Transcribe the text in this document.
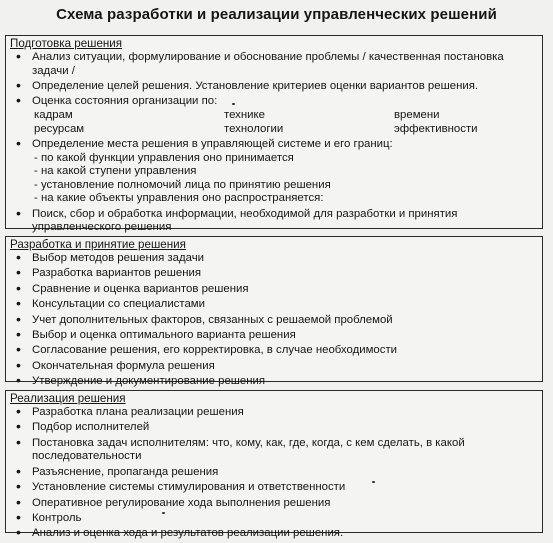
Схема разработки и реализации управленческих решений
Подготовка решения
• Анализ ситуации, формулирование и обоснование проблемы / качественная постановка задачи /
• Определение целей решения. Установление критериев оценки вариантов решения.
• Оценка состояния организации по:
кадрам	технике	времени
ресурсам	технологии	эффективности
• Определение места решения в управляющей системе и его границ:
- по какой функции управления оно принимается
- на какой ступени управления
- установление полномочий лица по принятию решения
- на какие объекты управления оно распространяется:
• Поиск, сбор и обработка информации, необходимой для разработки и принятия управленческого решения
Разработка и принятие решения
• Выбор методов решения задачи
• Разработка вариантов решения
• Сравнение и оценка вариантов решения
• Консультации со специалистами
• Учет дополнительных факторов, связанных с решаемой проблемой
• Выбор и оценка оптимального варианта решения
• Согласование решения, его корректировка, в случае необходимости
• Окончательная формула решения
• Утверждение и документирование решения
Реализация решения
• Разработка плана реализации решения
• Подбор исполнителей
• Постановка задач исполнителям: что, кому, как, где, когда, с кем сделать, в какой последовательности
• Разъяснение, пропаганда решения
• Установление системы стимулирования и ответственности
• Оперативное регулирование хода выполнения решения
• Контроль
• Анализ и оценка хода и результатов реализации решения.
